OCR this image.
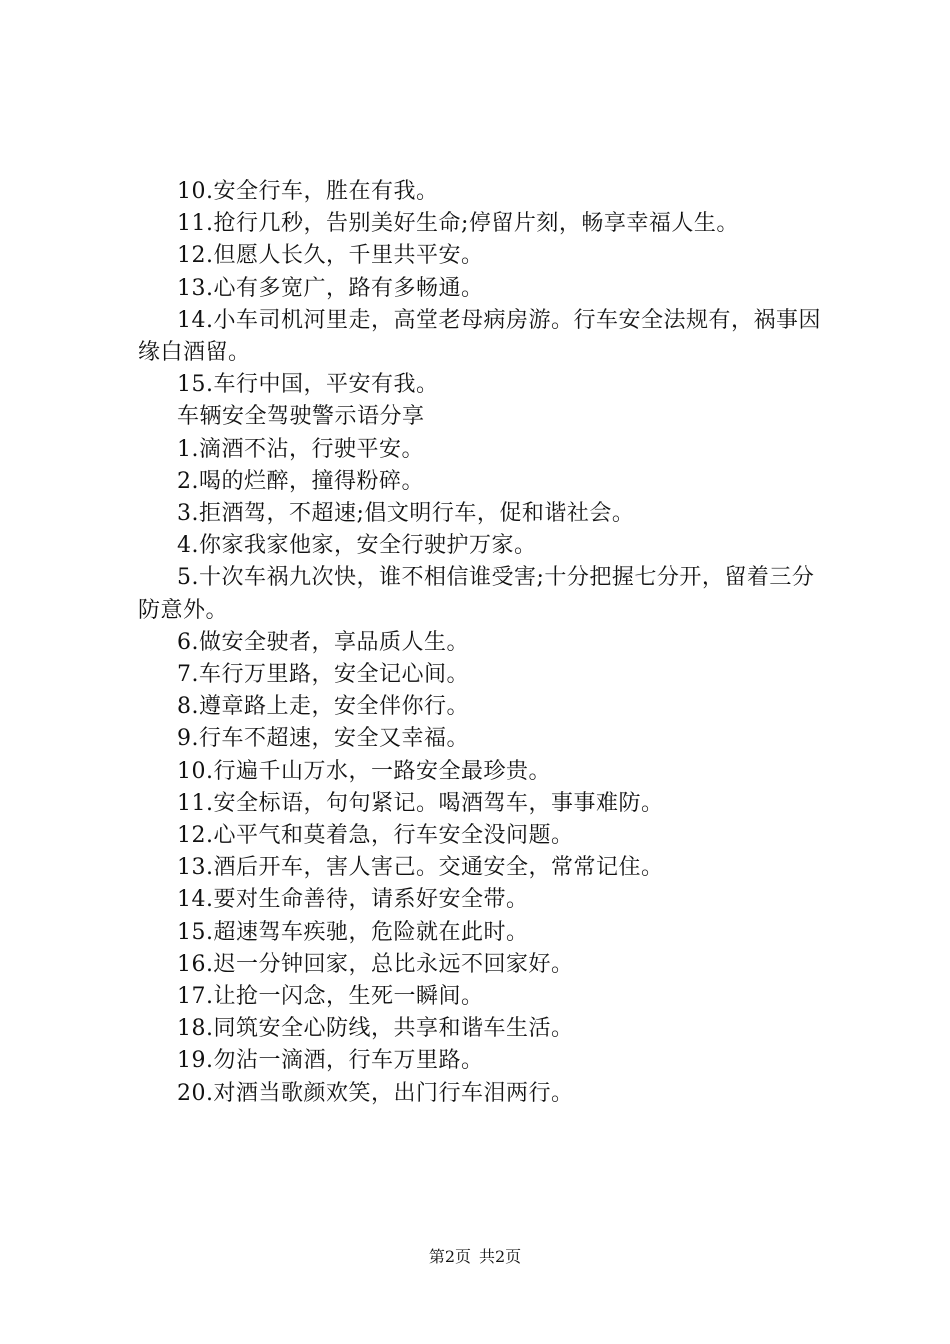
10.安全行车，胜在有我。

11.抢行几秒，告别美好生命;停留片刻，畅享幸福人生。

12.但愿人长久，千里共平安。

13.心有多宽广，路有多畅通。

14.小车司机河里走，高堂老母病房游。行车安全法规有，祸事因缘白酒留。

15.车行中国，平安有我。

车辆安全驾驶警示语分享

1.滴酒不沾，行驶平安。

2.喝的烂醉，撞得粉碎。

3.拒酒驾，不超速;倡文明行车，促和谐社会。

4.你家我家他家，安全行驶护万家。

5.十次车祸九次快，谁不相信谁受害;十分把握七分开，留着三分防意外。

6.做安全驶者，享品质人生。

7.车行万里路，安全记心间。

8.遵章路上走，安全伴你行。

9.行车不超速，安全又幸福。

10.行遍千山万水，一路安全最珍贵。

11.安全标语，句句紧记。喝酒驾车，事事难防。

12.心平气和莫着急，行车安全没问题。

13.酒后开车，害人害己。交通安全，常常记住。

14.要对生命善待，请系好安全带。

15.超速驾车疾驰，危险就在此时。

16.迟一分钟回家，总比永远不回家好。

17.让抢一闪念，生死一瞬间。

18.同筑安全心防线，共享和谐车生活。

19.勿沾一滴酒，行车万里路。

20.对酒当歌颜欢笑，出门行车泪两行。

第2页 共2页
